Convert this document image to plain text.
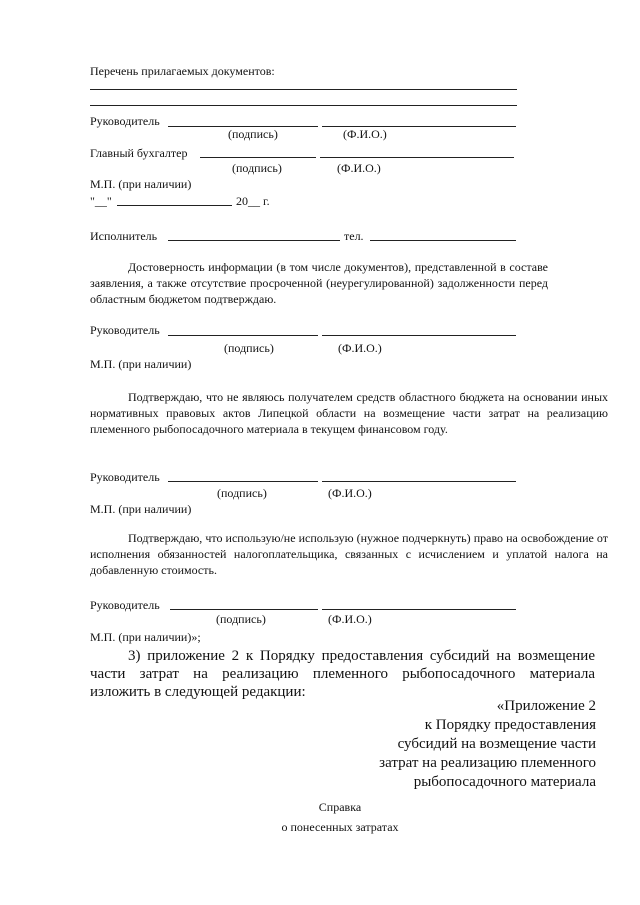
Перечень прилагаемых документов:
Руководитель
(подпись)	(Ф.И.О.)
Главный бухгалтер
(подпись)	(Ф.И.О.)
М.П. (при наличии)
"__"	20__ г.
Исполнитель	тел.
Достоверность информации (в том числе документов), представленной в составе заявления, а также отсутствие просроченной (неурегулированной) задолженности перед областным бюджетом подтверждаю.
Руководитель
(подпись)	(Ф.И.О.)
М.П. (при наличии)
Подтверждаю, что не являюсь получателем средств областного бюджета на основании иных нормативных правовых актов Липецкой области на возмещение части затрат на реализацию племенного рыбопосадочного материала в текущем финансовом году.
Руководитель
(подпись)	(Ф.И.О.)
М.П. (при наличии)
Подтверждаю, что использую/не использую (нужное подчеркнуть) право на освобождение от исполнения обязанностей налогоплательщика, связанных с исчислением и уплатой налога на добавленную стоимость.
Руководитель
(подпись)	(Ф.И.О.)
М.П. (при наличии)»;
3) приложение 2 к Порядку предоставления субсидий на возмещение части затрат на реализацию племенного рыбопосадочного материала изложить в следующей редакции:
«Приложение 2
к Порядку предоставления
субсидий на возмещение части
затрат на реализацию племенного
рыбопосадочного материала
Справка
о понесенных затратах
